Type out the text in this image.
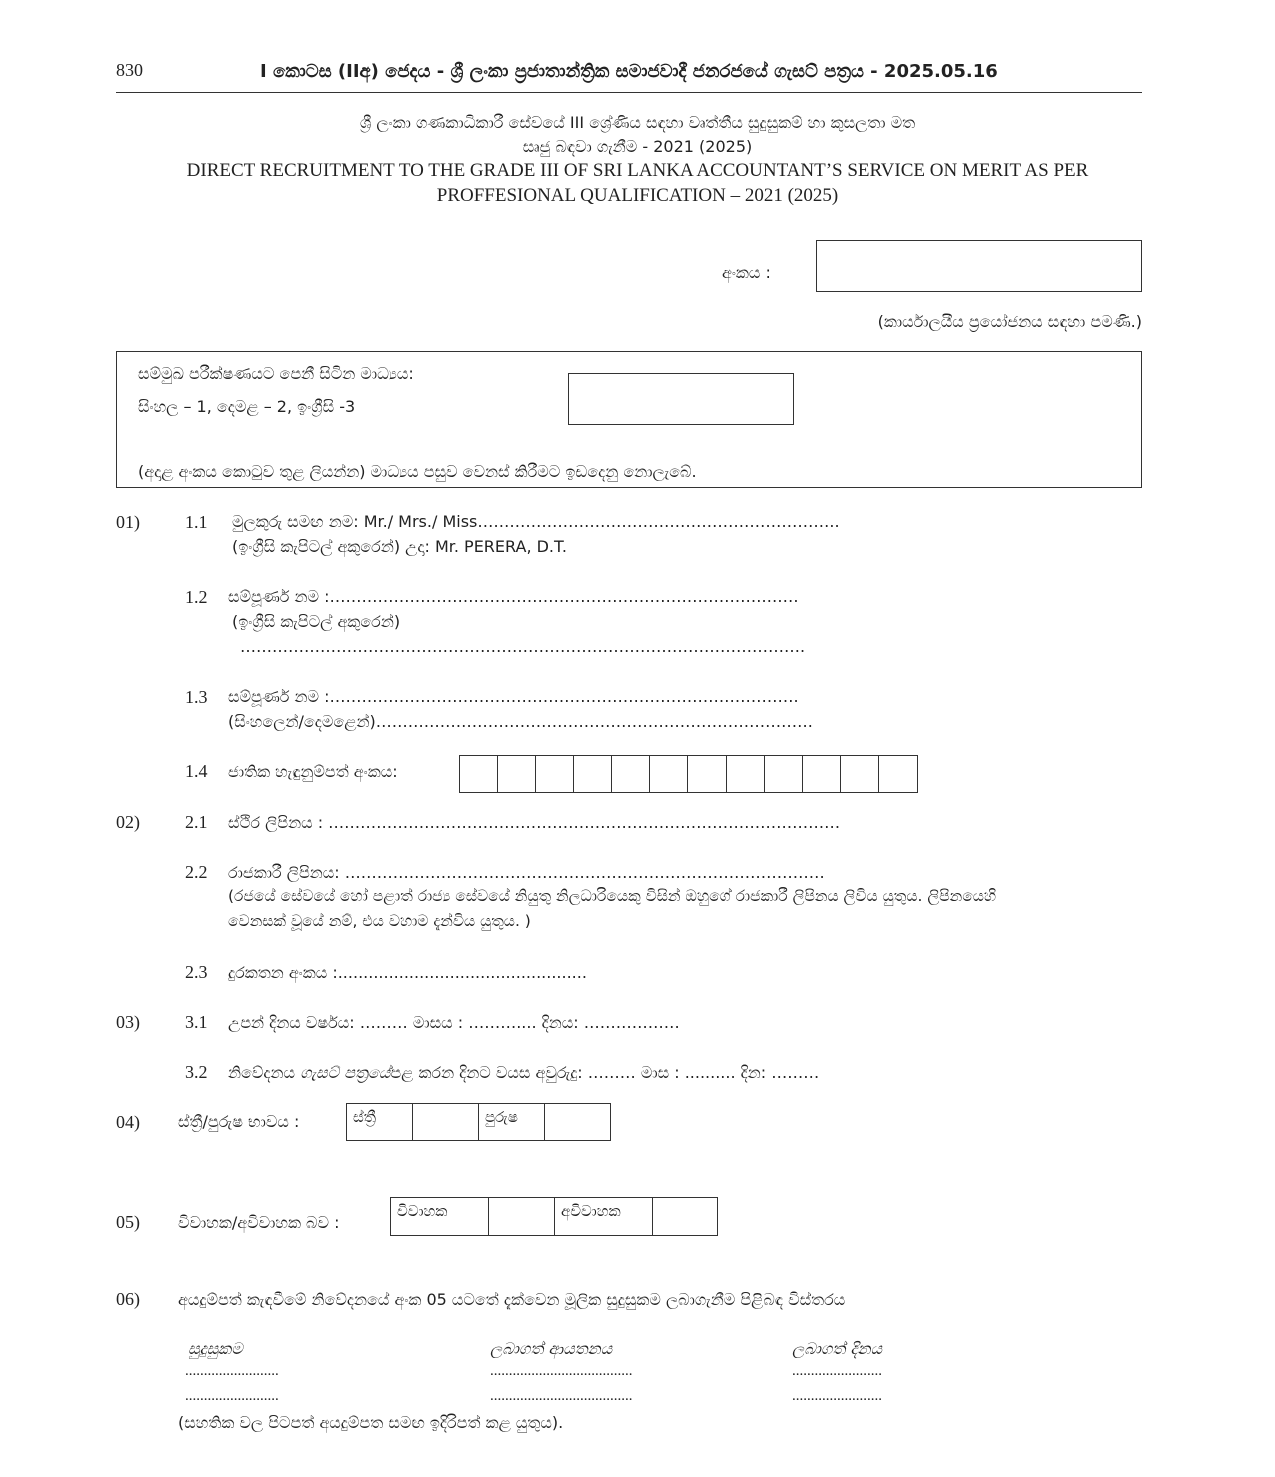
830	I කොටස (IIඅ) ජෙදය - ශ්‍රී ලංකා ප්‍රජාතාන්ත්‍රික සමාජවාදී ජනරජයේ ගැසට් පත්‍රය - 2025.05.16
ශ්‍රී ලංකා ගණකාධිකාරී සේවයේ III ශ්‍රේණිය සඳහා වෘත්තීය සුදුසුකම් හා කුසලතා මත
සෘජු බඳවා ගැනීම - 2021 (2025)
DIRECT RECRUITMENT TO THE GRADE III OF SRI LANKA ACCOUNTANT’S SERVICE ON MERIT AS PER
PROFFESIONAL QUALIFICATION – 2021 (2025)
අංකය :
(කාර්යාලයීය ප්‍රයෝජනය සඳහා පමණි.)
සම්මුඛ පරීක්ෂණයට පෙනී සිටින මාධ්‍යය:
සිංහල – 1, දෙමළ – 2, ඉංග්‍රීසි -3
(අදාළ අංකය කොටුව තුළ ලියන්න) මාධ්‍යය පසුව වෙනස් කිරීමට ඉඩදෙනු නොලැබේ.
01)	1.1 මුලකුරු සමඟ නම: Mr./ Mrs./ Miss…………………………………………………………..
(ඉංග්‍රීසි කැපිටල් අකුරෙන්) උදා: Mr. PERERA, D.T.
1.2 සම්පූර්ණ නම :……………………………………………………………………….……
(ඉංග්‍රීසි කැපිටල් අකුරෙන්)
…………………………………………………………………………………………….
1.3 සම්පූර්ණ නම :…………………………………………………………………………….
(සිංහලෙන්/දෙමළෙන්)……………………………………………………………………….
1.4 ජාතික හැඳුනුම්පත් අංකය:
02)	2.1 ස්ථිර ලිපිනය : ……………………………………………………………………………………
2.2 රාජකාරී ලිපිනය: ………………………………………………………………………………
(රජයේ සේවයේ හෝ පළාත් රාජ්‍ය සේවයේ නියුතු නිලධාරියෙකු විසින් ඔහුගේ රාජකාරී ලිපිනය ලිවිය යුතුය. ලිපිනයෙහි
වෙනසක් වූයේ නම්, එය වහාම දැන්විය යුතුය. )
2.3 දුරකතන අංකය :.................................................
03)	3.1 උපන් දිනය වර්ෂය: ……… මාසය : ……….... දිනය: ………………
3.2 නිවේදනය ගැසට් පත්‍රයේපළ කරන දිනට වයස අවුරුදු: ……… මාස : .......... දින: ………
04) ස්ත්‍රී/පුරුෂ භාවය :	ස්ත්‍රී	පුරුෂ
05) විවාහක/අවිවාහක බව :
විවාහක	අවිවාහක
06) අයදුම්පත් කැඳවීමේ නිවේදනයේ අංක 05 යටතේ දැක්වෙන මූලික සුදුසුකම ලබාගැනීම පිළිබඳ විස්තරය
සුදුසුකම	ලබාගත් ආයතනය	ලබාගත් දිනය
.........................	......................................	........................
.........................	......................................	........................
(සහතික වල පිටපත් අයදුම්පත සමඟ ඉදිරිපත් කළ යුතුය).
